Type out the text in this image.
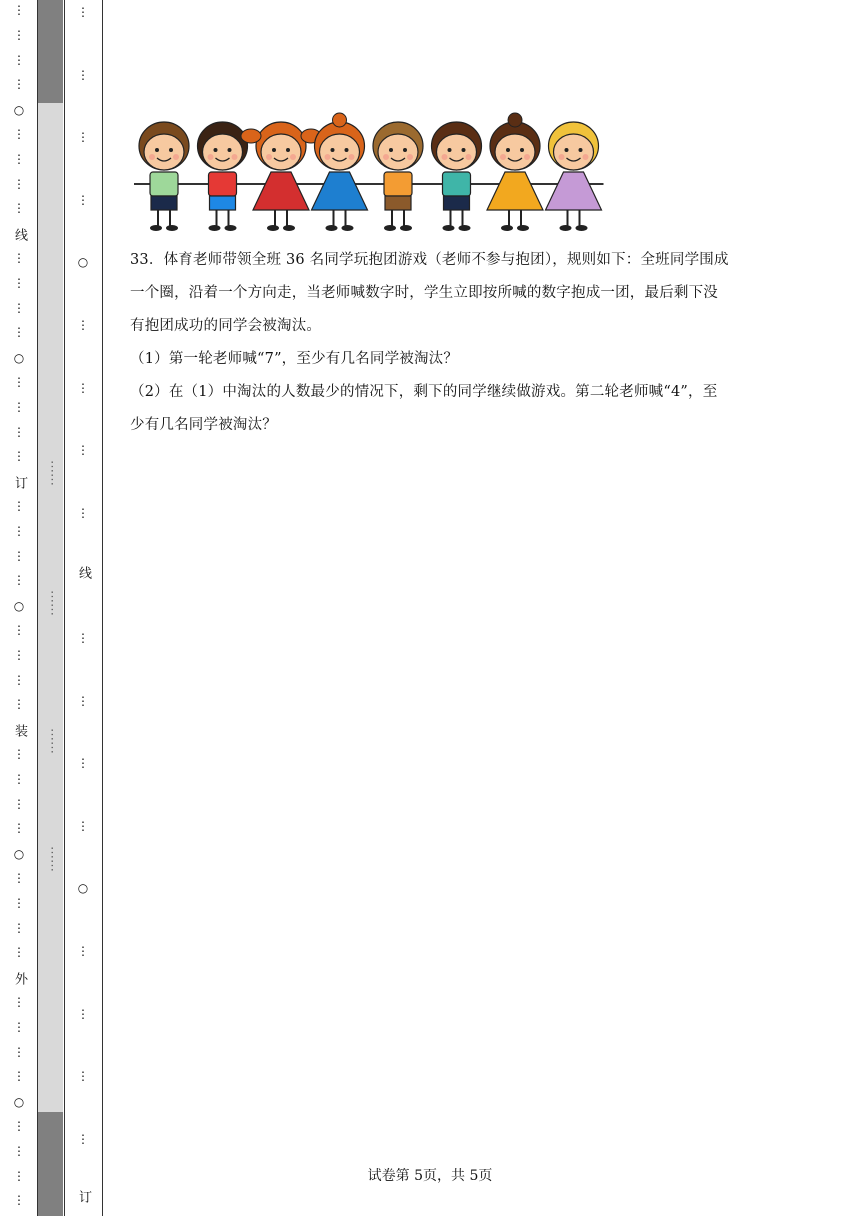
33．体育老师带领全班 36 名同学玩抱团游戏（老师不参与抱团），规则如下：全班同学围成

一个圈，沿着一个方向走，当老师喊数字时，学生立即按所喊的数字抱成一团，最后剩下没

有抱团成功的同学会被淘汰。

（1）第一轮老师喊“7”，至少有几名同学被淘汰？

（2）在（1）中淘汰的人数最少的情况下，剩下的同学继续做游戏。第二轮老师喊“4”，至

少有几名同学被淘汰？

试卷第 5页，共 5页
⋮
⋮
⋮
⋮
⋮
⋮
⋮
⋮
⋮
⋮
⋮
⋮
⋮
⋮
⋮
⋮
⋮
⋮
⋮
⋮
⋮
⋮
⋮
⋮
⋮
⋮
⋮
⋮
⋮
⋮
⋮
⋮
⋮
⋮
⋮
⋮
⋮
⋮
⋮
⋮
○
○
○
○
○
线
订
装
外
⋮
⋮
⋮
⋮
⋮
⋮
⋮
⋮
⋮
⋮
⋮
⋮
⋮
⋮
⋮
⋮
○
○
线
订
⋯⋯
⋯⋯
⋯⋯
⋯⋯
